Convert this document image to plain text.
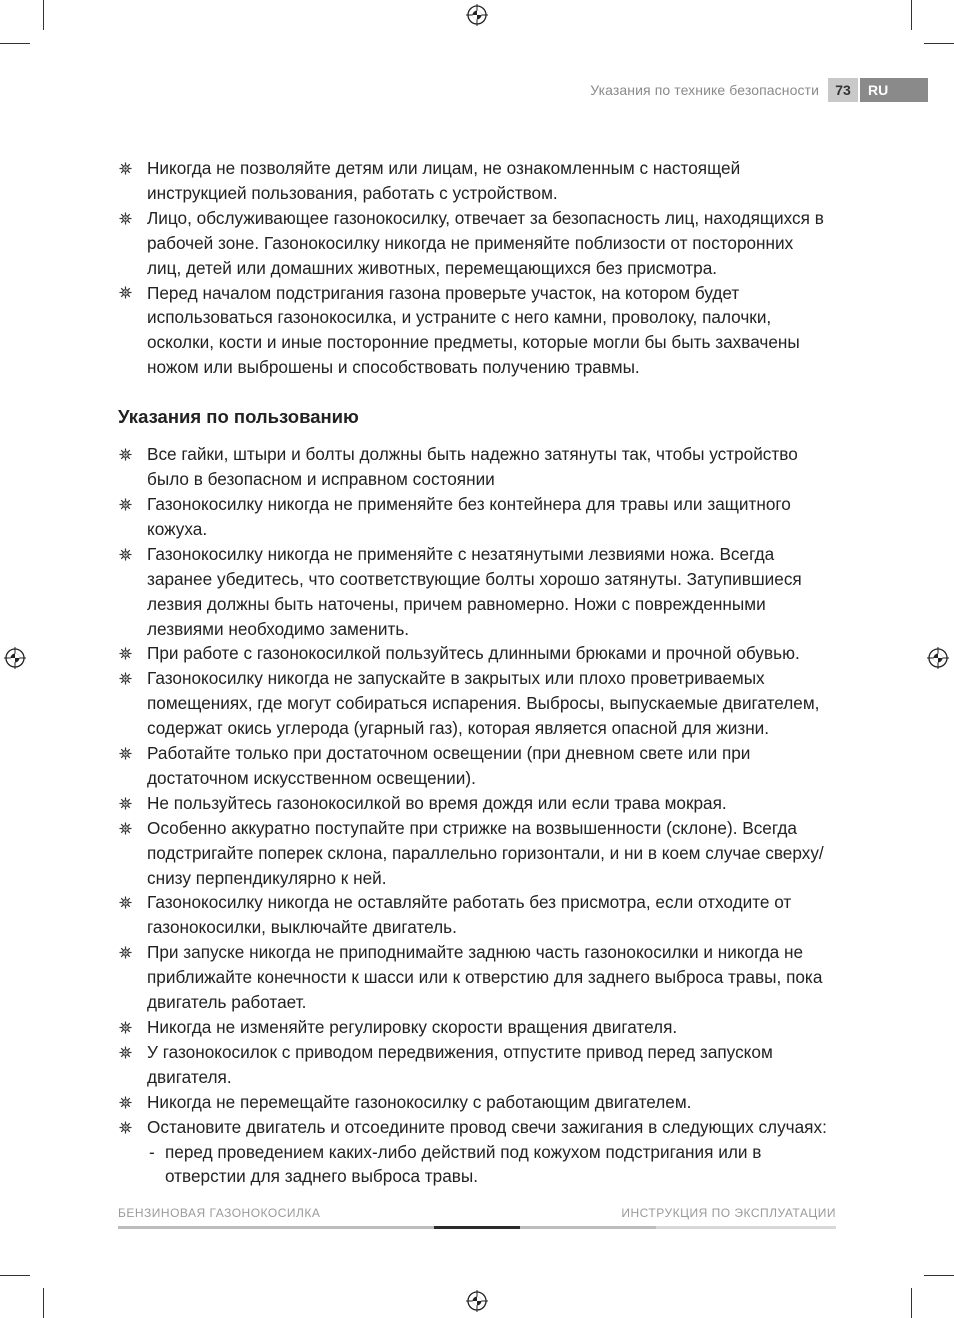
Указания по технике безопасности	73	RU
Никогда не позволяйте детям или лицам, не ознакомленным с настоящей инструкцией пользования, работать с устройством.
Лицо, обслуживающее газонокосилку, отвечает за безопасность лиц, находящихся в рабочей зоне. Газонокосилку никогда не применяйте поблизости от посторонних лиц, детей или домашних животных, перемещающихся без присмотра.
Перед началом подстригания газона проверьте участок, на котором будет использоваться газонокосилка, и устраните с него камни, проволоку, палочки, осколки, кости и иные посторонние предметы, которые могли бы быть захвачены ножом или выброшены и способствовать получению травмы.
Указания по пользованию
Все гайки, штыри и болты должны быть надежно затянуты так, чтобы устройство было в безопасном и исправном состоянии
Газонокосилку никогда не применяйте без контейнера для травы или защитного кожуха.
Газонокосилку никогда не применяйте с незатянутыми лезвиями ножа. Всегда заранее убедитесь, что соответствующие болты хорошо затянуты. Затупившиеся лезвия должны быть наточены, причем равномерно. Ножи с поврежденными лезвиями необходимо заменить.
При работе с газонокосилкой пользуйтесь длинными брюками и прочной обувью.
Газонокосилку никогда не запускайте в закрытых или плохо проветриваемых помещениях, где могут собираться испарения. Выбросы, выпускаемые двигателем, содержат окись углерода (угарный газ), которая является опасной для жизни.
Работайте только при достаточном освещении (при дневном свете или при достаточном искусственном освещении).
Не пользуйтесь газонокосилкой во время дождя или если трава мокрая.
Особенно аккуратно поступайте при стрижке на возвышенности (склоне). Всегда подстригайте поперек склона, параллельно горизонтали, и ни в коем случае сверху/снизу перпендикулярно к ней.
Газонокосилку никогда не оставляйте работать без присмотра, если отходите от газонокосилки, выключайте двигатель.
При запуске никогда не приподнимайте заднюю часть газонокосилки и никогда не приближайте конечности к шасси или к отверстию для заднего выброса травы, пока двигатель работает.
Никогда не изменяйте регулировку скорости вращения двигателя.
У газонокосилок с приводом передвижения, отпустите привод перед запуском двигателя.
Никогда не перемещайте газонокосилку с работающим двигателем.
Остановите двигатель и отсоедините провод свечи зажигания в следующих случаях:
- перед проведением каких-либо действий под кожухом подстригания или в отверстии для заднего выброса травы.
БЕНЗИНОВАЯ ГАЗОНОКОСИЛКА	ИНСТРУКЦИЯ ПО ЭКСПЛУАТАЦИИ
